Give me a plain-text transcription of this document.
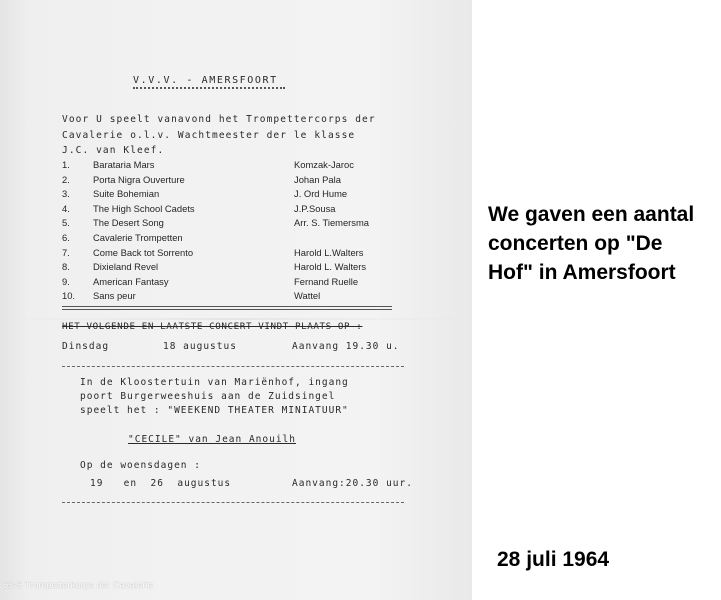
V.V.V. - AMERSFOORT
Voor U speelt vanavond het Trompettercorps der
Cavalerie o.l.v. Wachtmeester der le klasse
J.C. van Kleef.
1. Barataria Mars	Komzak-Jaroc
2. Porta Nigra Ouverture	Johan Pala
3. Suite Bohemian	J. Ord Hume
4. The High School Cadets	J.P.Sousa
5. The Desert Song	Arr. S. Tiemersma
6. Cavalerie Trompetten
7. Come Back tot Sorrento	Harold L.Walters
8. Dixieland Revel	Harold L. Walters
9. American Fantasy	Fernand Ruelle
10. Sans peur	Wattel
HET VOLGENDE EN LAATSTE CONCERT VINDT PLAATS OP :
Dinsdag	18 augustus	Aanvang 19.30 u.
In de Kloostertuin van Mariënhof, ingang
poort Burgerweeshuis aan de Zuidsingel
speelt het : "WEEKEND THEATER MINIATUUR"
"CECILE" van Jean Anouilh
Op de woensdagen :
19   en  26  augustus	Aanvang:20.30 uur.
63-6 Trompetterkorps der Cavalerie
We gaven een aantal concerten op "De Hof" in Amersfoort
28 juli 1964
